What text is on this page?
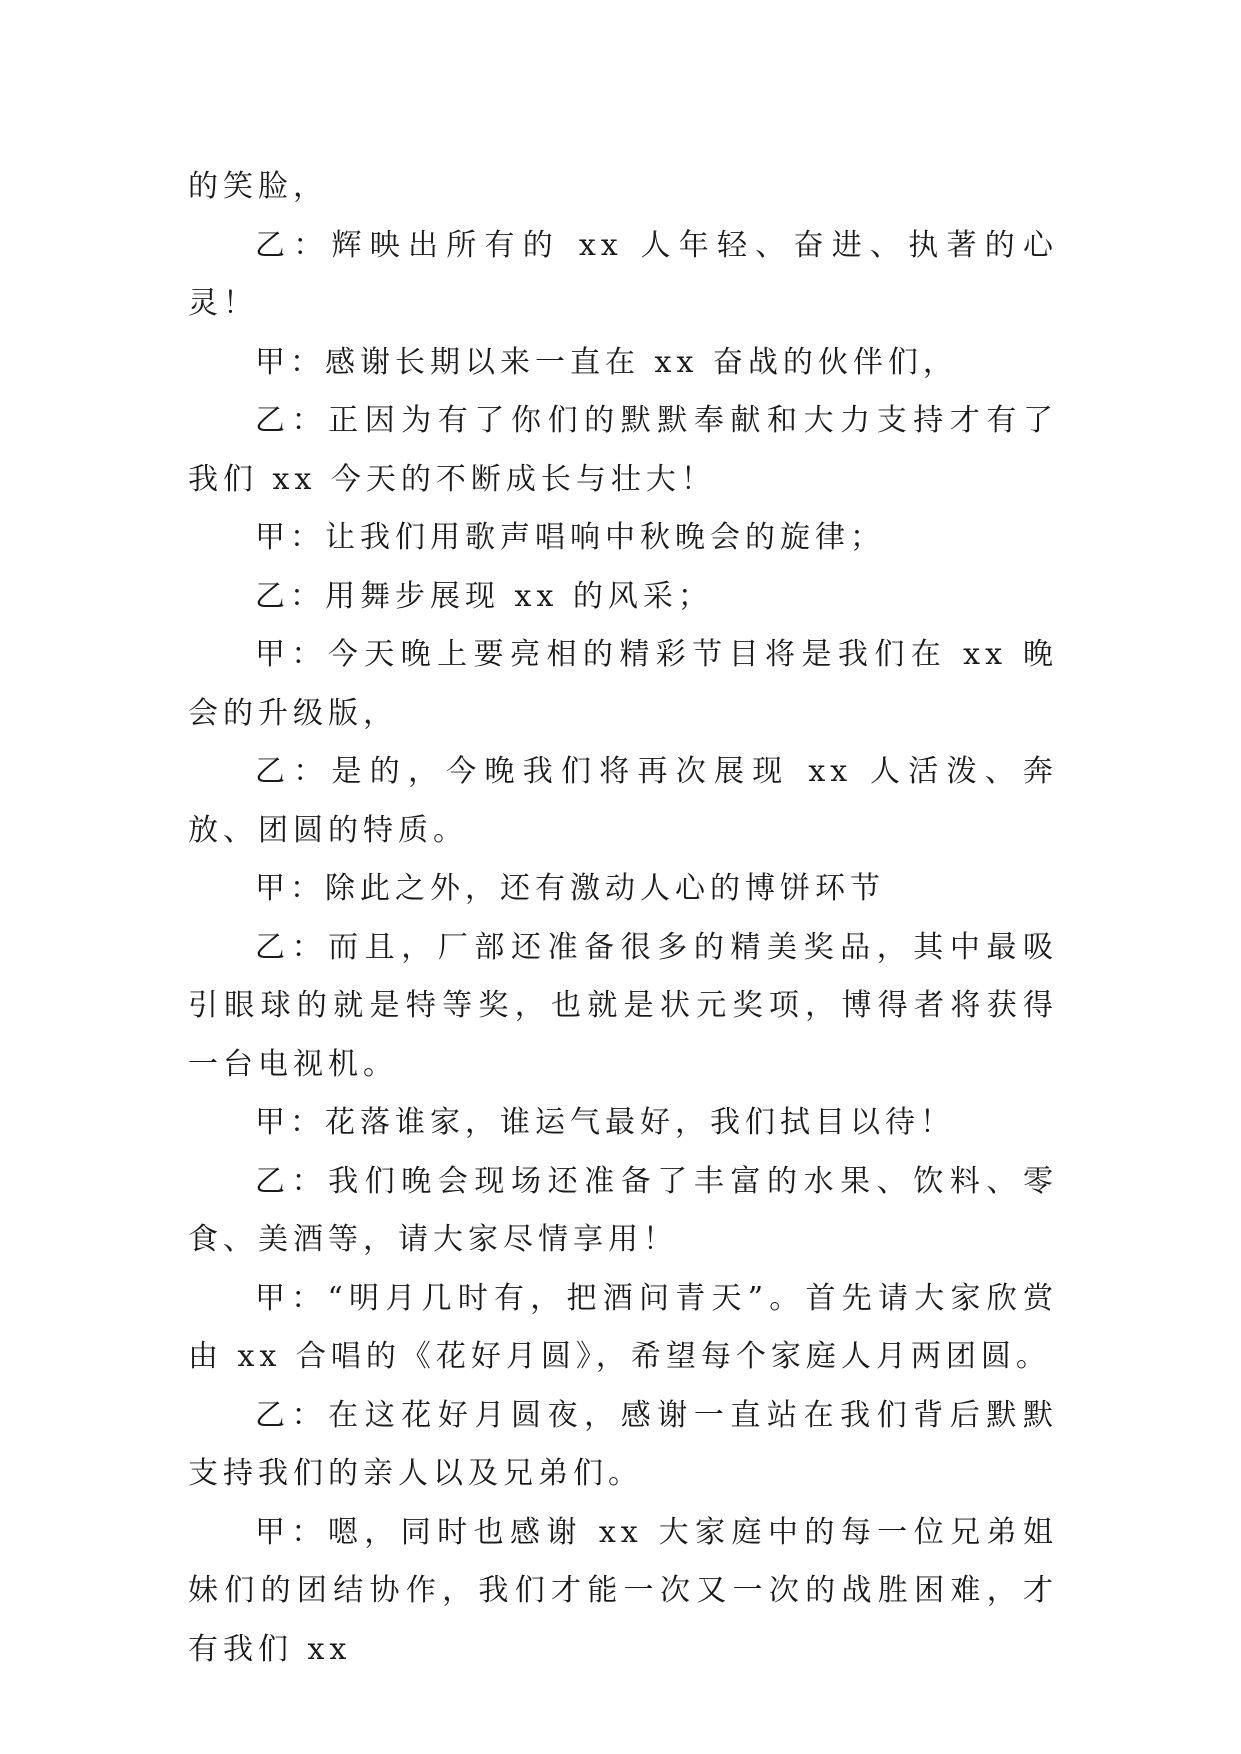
的笑脸，

乙：辉映出所有的 xx 人年轻、奋进、执著的心灵！

甲：感谢长期以来一直在 xx 奋战的伙伴们，

乙：正因为有了你们的默默奉献和大力支持才有了我们 xx 今天的不断成长与壮大！

甲：让我们用歌声唱响中秋晚会的旋律；

乙：用舞步展现 xx 的风采；

甲：今天晚上要亮相的精彩节目将是我们在 xx 晚会的升级版，

乙：是的，今晚我们将再次展现 xx 人活泼、奔放、团圆的特质。

甲：除此之外，还有激动人心的博饼环节

乙：而且，厂部还准备很多的精美奖品，其中最吸引眼球的就是特等奖，也就是状元奖项，博得者将获得一台电视机。

甲：花落谁家，谁运气最好，我们拭目以待！

乙：我们晚会现场还准备了丰富的水果、饮料、零食、美酒等，请大家尽情享用！

甲：“明月几时有，把酒问青天”。首先请大家欣赏由 xx 合唱的《花好月圆》，希望每个家庭人月两团圆。

乙：在这花好月圆夜，感谢一直站在我们背后默默支持我们的亲人以及兄弟们。

甲：嗯，同时也感谢 xx 大家庭中的每一位兄弟姐妹们的团结协作，我们才能一次又一次的战胜困难，才有我们 xx
